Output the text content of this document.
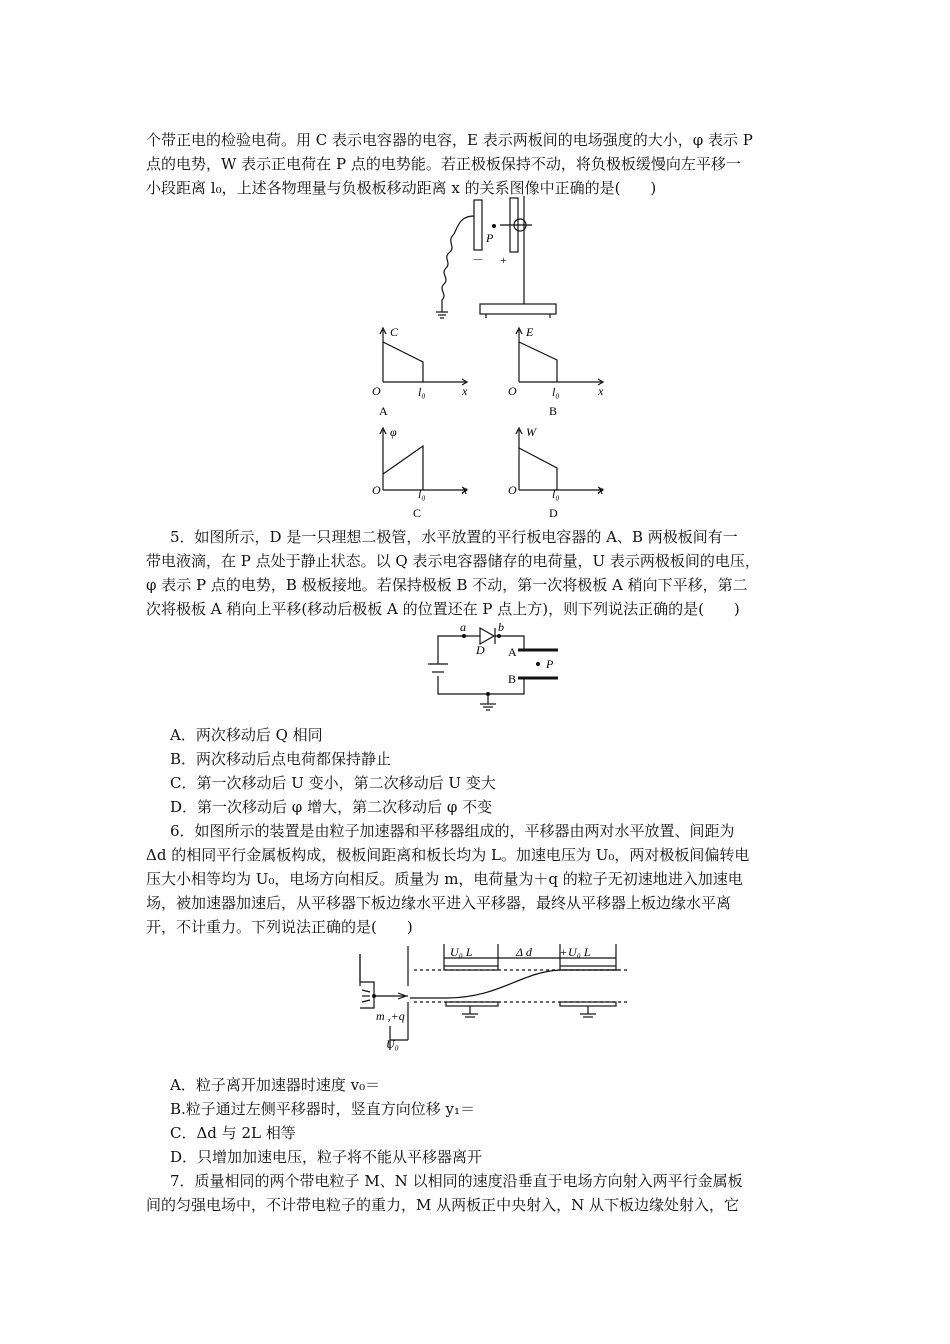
个带正电的检验电荷。用 C 表示电容器的电容，E 表示两板间的电场强度的大小，φ 表示 P
点的电势，W 表示正电荷在 P 点的电势能。若正极板保持不动，将负极板缓慢向左平移一
小段距离 l₀，上述各物理量与负极板移动距离 x 的关系图像中正确的是(　　)
P
－ +
C
O	l₀	x
A
E
O	l₀	x
B
φ
O	l₀	x
C
W
O	l₀	x
D
5．如图所示，D 是一只理想二极管，水平放置的平行板电容器的 A、B 两极板间有一
带电液滴，在 P 点处于静止状态。以 Q 表示电容器储存的电荷量，U 表示两极板间的电压，
φ 表示 P 点的电势，B 极板接地。若保持极板 B 不动，第一次将极板 A 稍向下平移，第二
次将极板 A 稍向上平移(移动后极板 A 的位置还在 P 点上方)，则下列说法正确的是(　　)
a	b
D A
B
P
A．两次移动后 Q 相同
B．两次移动后点电荷都保持静止
C．第一次移动后 U 变小，第二次移动后 U 变大
D．第一次移动后 φ 增大，第二次移动后 φ 不变
6．如图所示的装置是由粒子加速器和平移器组成的，平移器由两对水平放置、间距为
Δd 的相同平行金属板构成，极板间距离和板长均为 L。加速电压为 U₀，两对极板间偏转电
压大小相等均为 U₀，电场方向相反。质量为 m，电荷量为＋q 的粒子无初速地进入加速电
场，被加速器加速后，从平移器下板边缘水平进入平移器，最终从平移器上板边缘水平离
开，不计重力。下列说法正确的是(　　)
U₀ L	Δ d + U₀ L
m ,+q
U₀
A．粒子离开加速器时速度 v₀＝
B.粒子通过左侧平移器时，竖直方向位移 y₁＝
C．Δd 与 2L 相等
D．只增加加速电压，粒子将不能从平移器离开
7．质量相同的两个带电粒子 M、N 以相同的速度沿垂直于电场方向射入两平行金属板
间的匀强电场中，不计带电粒子的重力，M 从两板正中央射入，N 从下板边缘处射入，它
